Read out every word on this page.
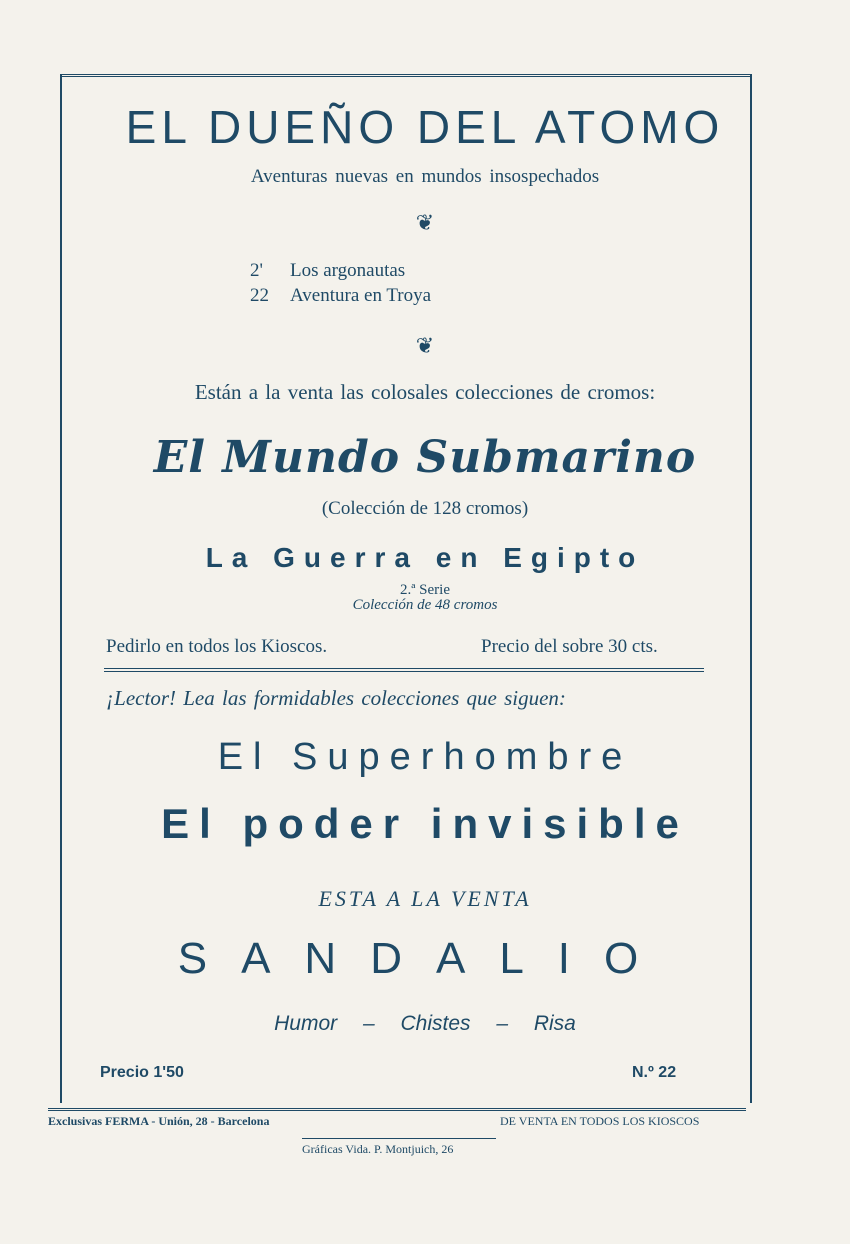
EL DUEÑO DEL ATOMO
Aventuras nuevas en mundos insospechados
❦
2' Los argonautas
22 Aventura en Troya
❦
Están a la venta las colosales colecciones de cromos:
El Mundo Submarino
(Colección de 128 cromos)
La Guerra en Egipto
2.ª Serie
Colección de 48 cromos
Pedirlo en todos los Kioscos.	Precio del sobre 30 cts.
¡Lector! Lea las formidables colecciones que siguen:
El Superhombre
El poder invisible
ESTA A LA VENTA
SANDALIO
Humor – Chistes – Risa
Precio 1'50	N.º 22
Exclusivas FERMA - Unión, 28 - Barcelona	DE VENTA EN TODOS LOS KIOSCOS
Gráficas Vida. P. Montjuich, 26
